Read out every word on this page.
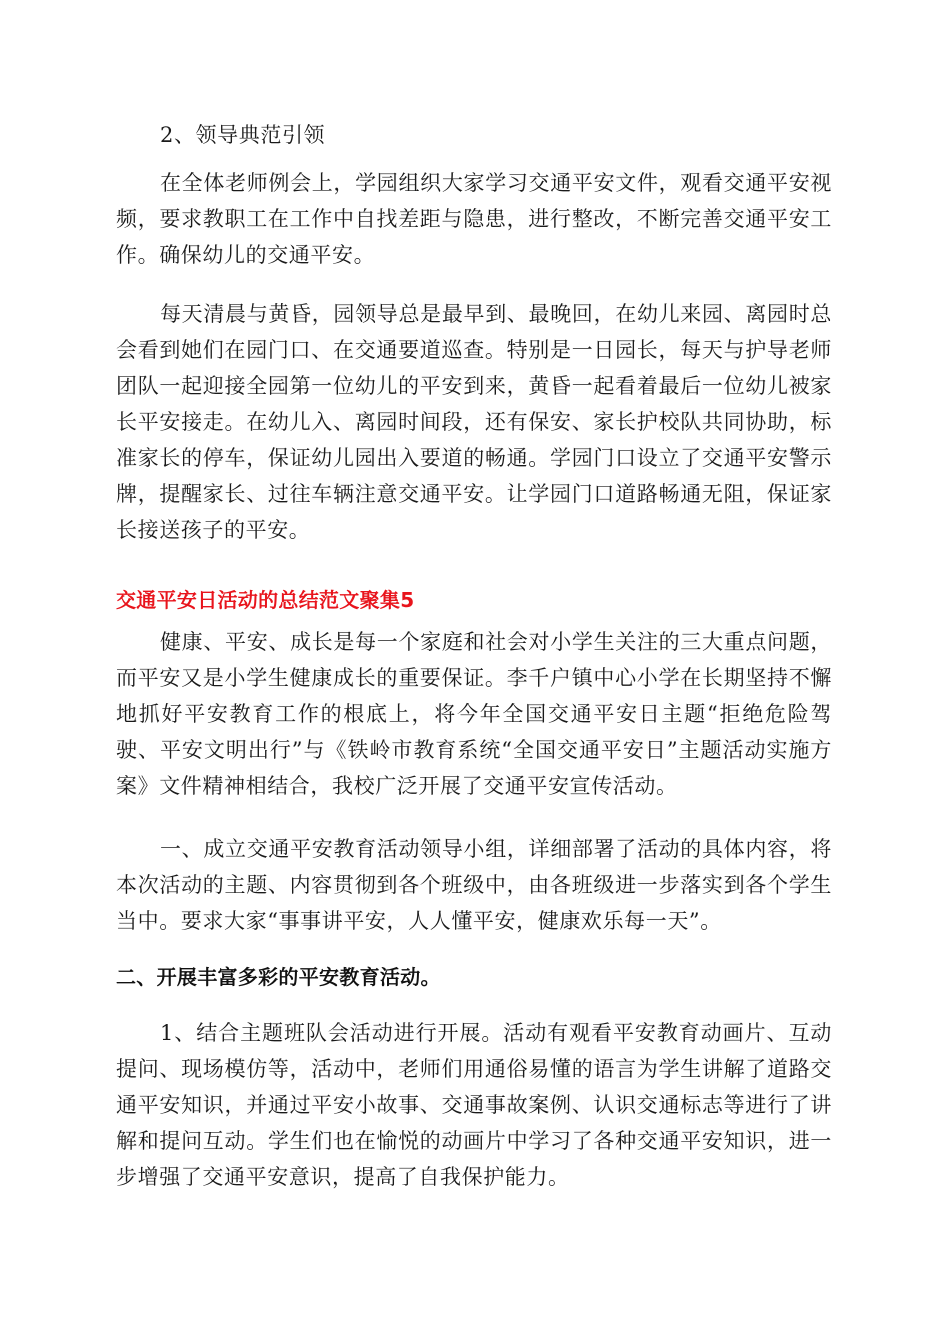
2、领导典范引领
在全体老师例会上，学园组织大家学习交通平安文件，观看交通平安视频，要求教职工在工作中自找差距与隐患，进行整改，不断完善交通平安工作。确保幼儿的交通平安。
每天清晨与黄昏，园领导总是最早到、最晚回，在幼儿来园、离园时总会看到她们在园门口、在交通要道巡查。特别是一日园长，每天与护导老师团队一起迎接全园第一位幼儿的平安到来，黄昏一起看着最后一位幼儿被家长平安接走。在幼儿入、离园时间段，还有保安、家长护校队共同协助，标准家长的停车，保证幼儿园出入要道的畅通。学园门口设立了交通平安警示牌，提醒家长、过往车辆注意交通平安。让学园门口道路畅通无阻，保证家长接送孩子的平安。
交通平安日活动的总结范文聚集5
健康、平安、成长是每一个家庭和社会对小学生关注的三大重点问题，而平安又是小学生健康成长的重要保证。李千户镇中心小学在长期坚持不懈地抓好平安教育工作的根底上，将今年全国交通平安日主题“拒绝危险驾驶、平安文明出行”与《铁岭市教育系统“全国交通平安日”主题活动实施方案》文件精神相结合，我校广泛开展了交通平安宣传活动。
一、成立交通平安教育活动领导小组，详细部署了活动的具体内容，将本次活动的主题、内容贯彻到各个班级中，由各班级进一步落实到各个学生当中。要求大家“事事讲平安，人人懂平安，健康欢乐每一天”。
二、开展丰富多彩的平安教育活动。
1、结合主题班队会活动进行开展。活动有观看平安教育动画片、互动提问、现场模仿等，活动中，老师们用通俗易懂的语言为学生讲解了道路交通平安知识，并通过平安小故事、交通事故案例、认识交通标志等进行了讲解和提问互动。学生们也在愉悦的动画片中学习了各种交通平安知识，进一步增强了交通平安意识，提高了自我保护能力。
